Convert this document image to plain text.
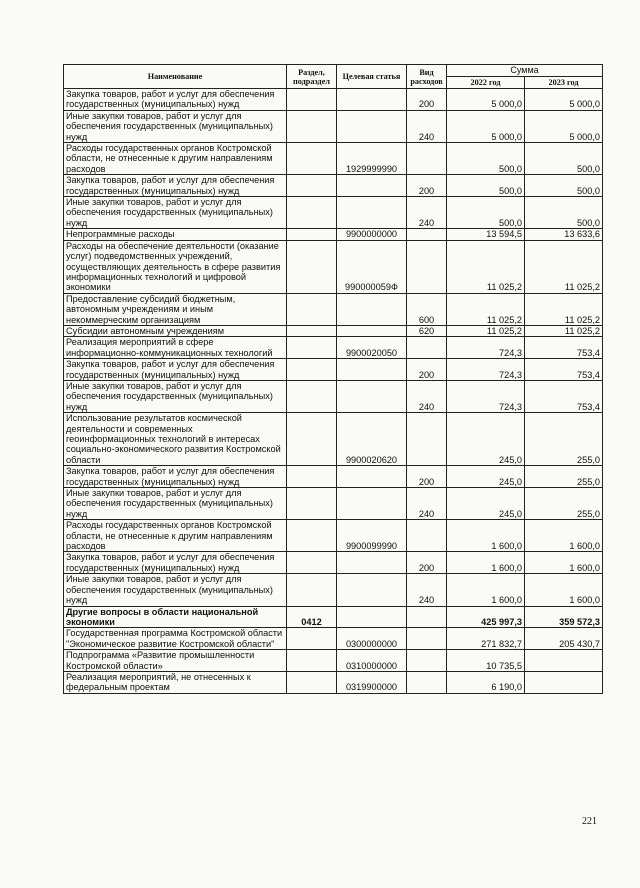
Наименование	Раздел, подраздел	Целевая статья	Вид расходов	Сумма	
				2022 год	2023 год
Закупка товаров, работ и услуг для обеспечения государственных (муниципальных) нужд			200	5 000,0	5 000,0
Иные закупки товаров, работ и услуг для обеспечения государственных (муниципальных) нужд			240	5 000,0	5 000,0
Расходы государственных органов Костромской области, не отнесенные к другим направлениям расходов		1929999990		500,0	500,0
Закупка товаров, работ и услуг для обеспечения государственных (муниципальных) нужд			200	500,0	500,0
Иные закупки товаров, работ и услуг для обеспечения государственных (муниципальных) нужд			240	500,0	500,0
Непрограммные расходы		9900000000		13 594,5	13 633,6
Расходы на обеспечение деятельности (оказание услуг) подведомственных учреждений, осуществляющих деятельность в сфере развития информационных технологий и цифровой экономики		990000059Ф		11 025,2	11 025,2
Предоставление субсидий бюджетным, автономным учреждениям и иным некоммерческим организациям			600	11 025,2	11 025,2
Субсидии автономным учреждениям			620	11 025,2	11 025,2
Реализация мероприятий в сфере информационно-коммуникационных технологий		9900020050		724,3	753,4
Закупка товаров, работ и услуг для обеспечения государственных (муниципальных) нужд			200	724,3	753,4
Иные закупки товаров, работ и услуг для обеспечения государственных (муниципальных) нужд			240	724,3	753,4
Использование результатов космической деятельности и современных геоинформационных технологий в интересах социально-экономического развития Костромской области		9900020620		245,0	255,0
Закупка товаров, работ и услуг для обеспечения государственных (муниципальных) нужд			200	245,0	255,0
Иные закупки товаров, работ и услуг для обеспечения государственных (муниципальных) нужд			240	245,0	255,0
Расходы государственных органов Костромской области, не отнесенные к другим направлениям расходов		9900099990		1 600,0	1 600,0
Закупка товаров, работ и услуг для обеспечения государственных (муниципальных) нужд			200	1 600,0	1 600,0
Иные закупки товаров, работ и услуг для обеспечения государственных (муниципальных) нужд			240	1 600,0	1 600,0
Другие вопросы в области национальной экономики	0412			425 997,3	359 572,3
Государственная программа Костромской области "Экономическое развитие Костромской области"		0300000000		271 832,7	205 430,7
Подпрограмма «Развитие промышленности Костромской области»		0310000000		10 735,5	
Реализация мероприятий, не отнесенных к федеральным проектам		0319900000		6 190,0	
221
